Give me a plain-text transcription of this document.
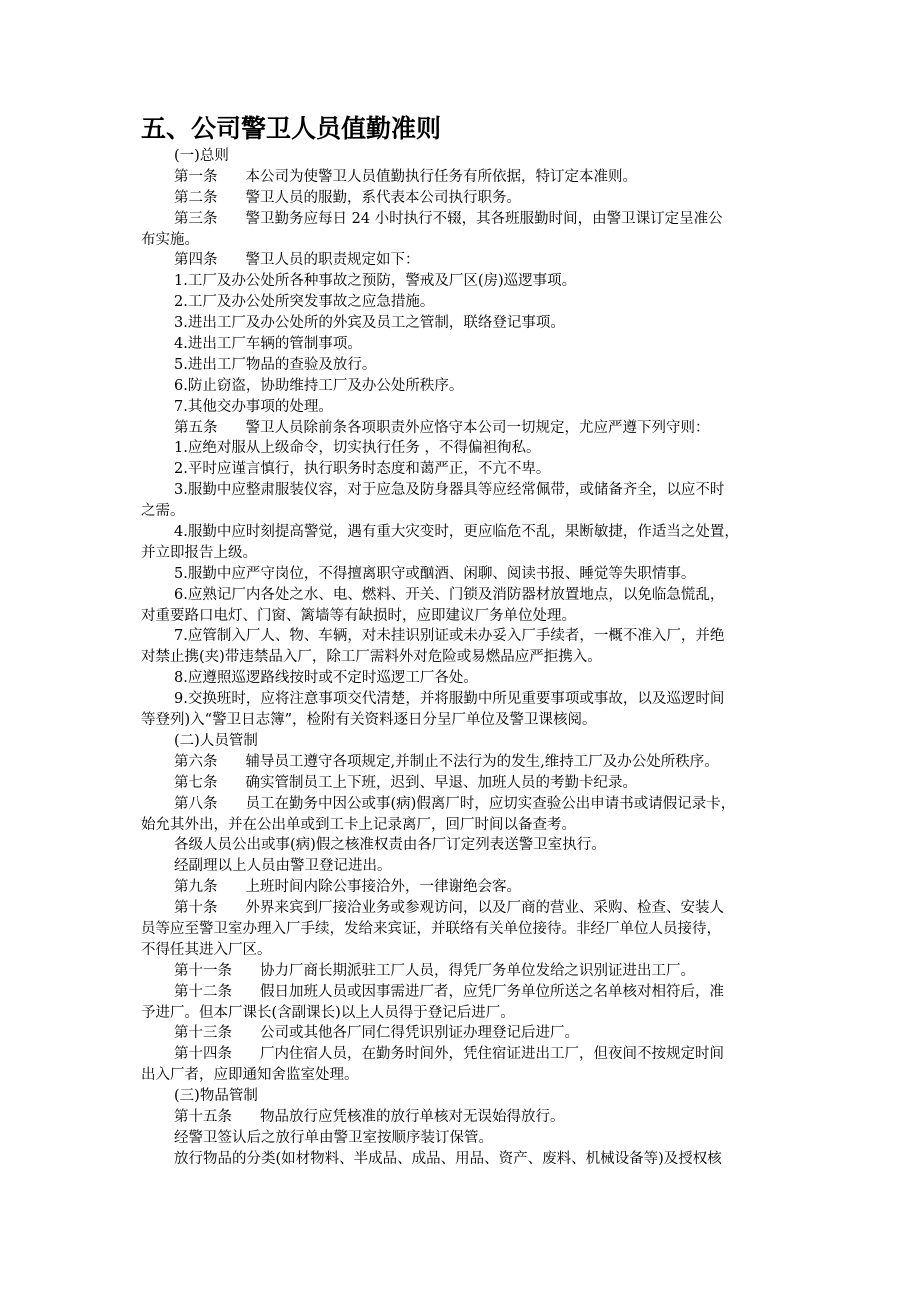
五、公司警卫人员值勤准则
(一)总则
第一条 本公司为使警卫人员值勤执行任务有所依据，特订定本准则。
第二条 警卫人员的服勤，系代表本公司执行职务。
第三条 警卫勤务应每日 24 小时执行不辍，其各班服勤时间，由警卫课订定呈准公
布实施。
第四条 警卫人员的职责规定如下：
1.工厂及办公处所各种事故之预防，警戒及厂区(房)巡逻事项。
2.工厂及办公处所突发事故之应急措施。
3.进出工厂及办公处所的外宾及员工之管制，联络登记事项。
4.进出工厂车辆的管制事项。
5.进出工厂物品的查验及放行。
6.防止窃盗，协助维持工厂及办公处所秩序。
7.其他交办事项的处理。
第五条 警卫人员除前条各项职责外应恪守本公司一切规定，尤应严遵下列守则：
1.应绝对服从上级命令，切实执行任务 ，不得偏袒徇私。
2.平时应谨言慎行，执行职务时态度和蔼严正，不亢不卑。
3.服勤中应整肃服装仪容，对于应急及防身器具等应经常佩带，或储备齐全，以应不时
之需。
4.服勤中应时刻提高警觉，遇有重大灾变时，更应临危不乱，果断敏捷，作适当之处置，
并立即报告上级。
5.服勤中应严守岗位，不得擅离职守或酗酒、闲聊、阅读书报、睡觉等失职情事。
6.应熟记厂内各处之水、电、燃料、开关、门锁及消防器材放置地点，以免临急慌乱，
对重要路口电灯、门窗、篱墙等有缺损时，应即建议厂务单位处理。
7.应管制入厂人、物、车辆，对未挂识别证或未办妥入厂手续者，一概不准入厂，并绝
对禁止携(夹)带违禁品入厂，除工厂需料外对危险或易燃品应严拒携入。
8.应遵照巡逻路线按时或不定时巡逻工厂各处。
9.交换班时，应将注意事项交代清楚，并将服勤中所见重要事项或事故，以及巡逻时间
等登列)入“警卫日志簿”，检附有关资料逐日分呈厂单位及警卫课核阅。
(二)人员管制
第六条 辅导员工遵守各项规定,并制止不法行为的发生,维持工厂及办公处所秩序。
第七条 确实管制员工上下班，迟到、早退、加班人员的考勤卡纪录。
第八条 员工在勤务中因公或事(病)假离厂时，应切实查验公出申请书或请假记录卡，
始允其外出，并在公出单或到工卡上记录离厂，回厂时间以备查考。
各级人员公出或事(病)假之核准权责由各厂订定列表送警卫室执行。
经副理以上人员由警卫登记进出。
第九条 上班时间内除公事接洽外，一律谢绝会客。
第十条 外界来宾到厂接洽业务或参观访问，以及厂商的营业、采购、检查、安装人
员等应至警卫室办理入厂手续，发给来宾证，并联络有关单位接待。非经厂单位人员接待，
不得任其进入厂区。
第十一条 协力厂商长期派驻工厂人员，得凭厂务单位发给之识别证进出工厂。
第十二条 假日加班人员或因事需进厂者，应凭厂务单位所送之名单核对相符后，准
予进厂。但本厂课长(含副课长)以上人员得于登记后进厂。
第十三条 公司或其他各厂同仁得凭识别证办理登记后进厂。
第十四条 厂内住宿人员，在勤务时间外，凭住宿证进出工厂，但夜间不按规定时间
出入厂者，应即通知舍监室处理。
(三)物品管制
第十五条 物品放行应凭核准的放行单核对无误始得放行。
经警卫签认后之放行单由警卫室按顺序装订保管。
放行物品的分类(如材物料、半成品、成品、用品、资产、废料、机械设备等)及授权核
